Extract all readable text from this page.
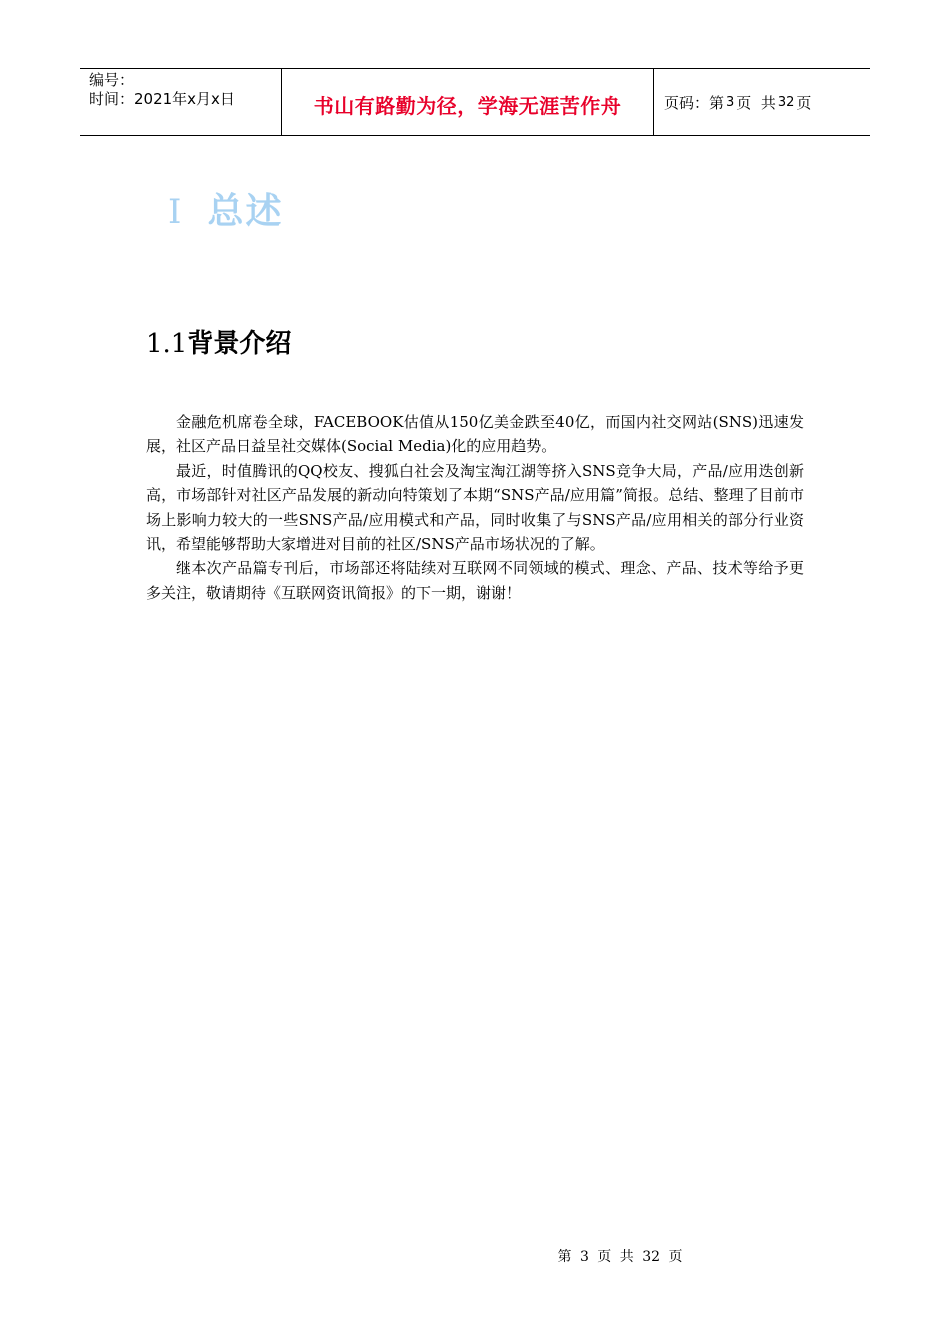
编号：
时间：2021年x月x日	书山有路勤为径，学海无涯苦作舟	页码：第 3 页  共 32 页
I 总述
1.1背景介绍

金融危机席卷全球，FACEBOOK估值从150亿美金跌至40亿，而国内社交网站(SNS)迅速发展，社区产品日益呈社交媒体(Social Media)化的应用趋势。

最近，时值腾讯的QQ校友、搜狐白社会及淘宝淘江湖等挤入SNS竞争大局，产品/应用迭创新高，市场部针对社区产品发展的新动向特策划了本期“SNS产品/应用篇”简报。总结、整理了目前市场上影响力较大的一些SNS产品/应用模式和产品，同时收集了与SNS产品/应用相关的部分行业资讯，希望能够帮助大家增进对目前的社区/SNS产品市场状况的了解。

继本次产品篇专刊后，市场部还将陆续对互联网不同领域的模式、理念、产品、技术等给予更多关注，敬请期待《互联网资讯简报》的下一期，谢谢！

第 3 页 共 32 页
